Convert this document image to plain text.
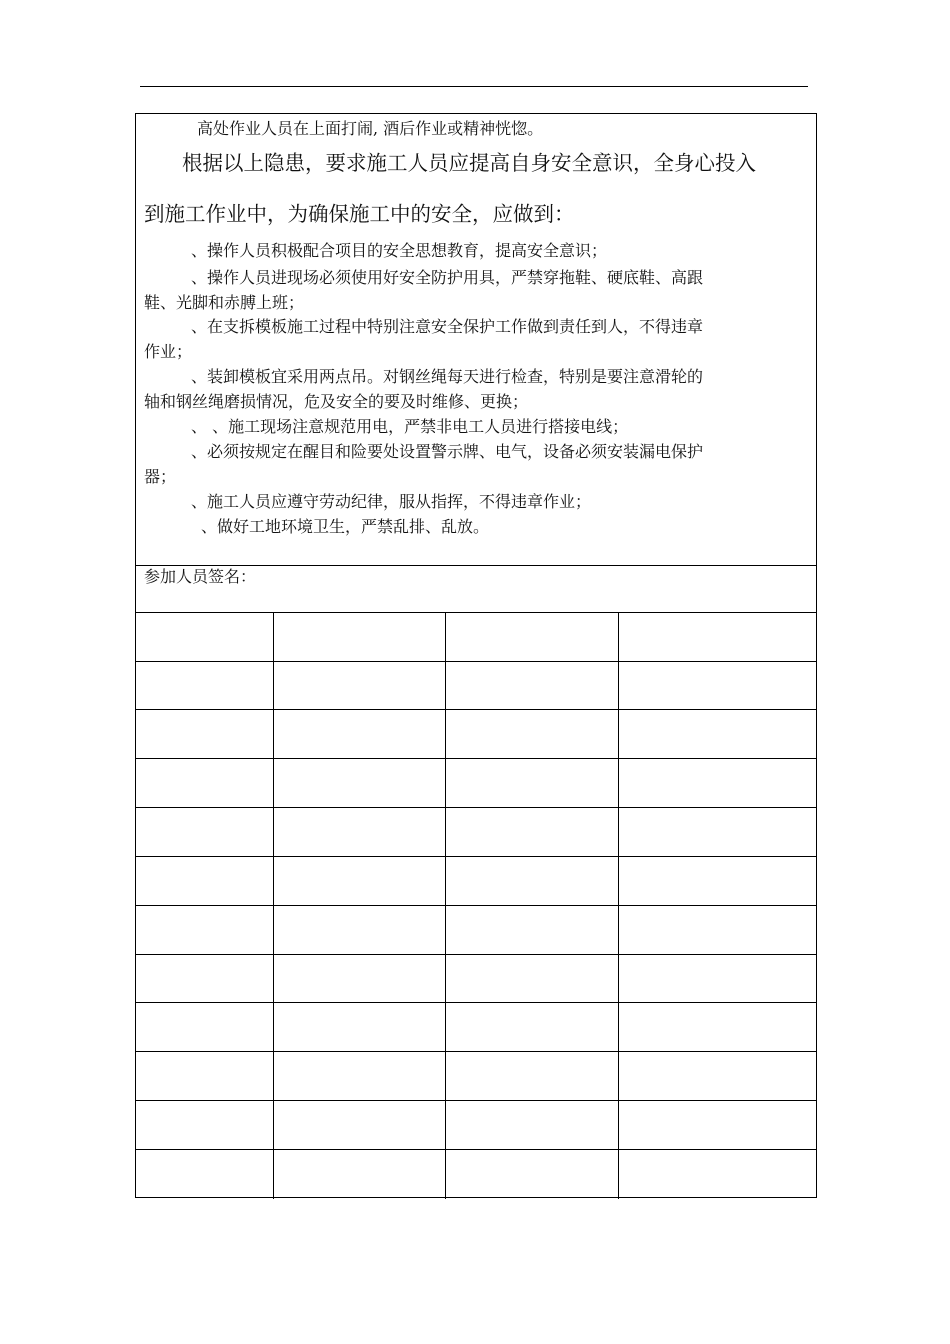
高处作业人员在上面打闹, 酒后作业或精神恍惚。
根据以上隐患，要求施工人员应提高自身安全意识，全身心投入
到施工作业中，为确保施工中的安全，应做到：
、操作人员积极配合项目的安全思想教育，提高安全意识；
、操作人员进现场必须使用好安全防护用具，严禁穿拖鞋、硬底鞋、高跟
鞋、光脚和赤膊上班；
、在支拆模板施工过程中特别注意安全保护工作做到责任到人，不得违章
作业；
、装卸模板宜采用两点吊。对钢丝绳每天进行检查，特别是要注意滑轮的
轴和钢丝绳磨损情况，危及安全的要及时维修、更换；
、 、施工现场注意规范用电，严禁非电工人员进行搭接电线；
、必须按规定在醒目和险要处设置警示牌、电气，设备必须安装漏电保护
器；
、施工人员应遵守劳动纪律，服从指挥，不得违章作业；
、做好工地环境卫生，严禁乱排、乱放。
参加人员签名：
